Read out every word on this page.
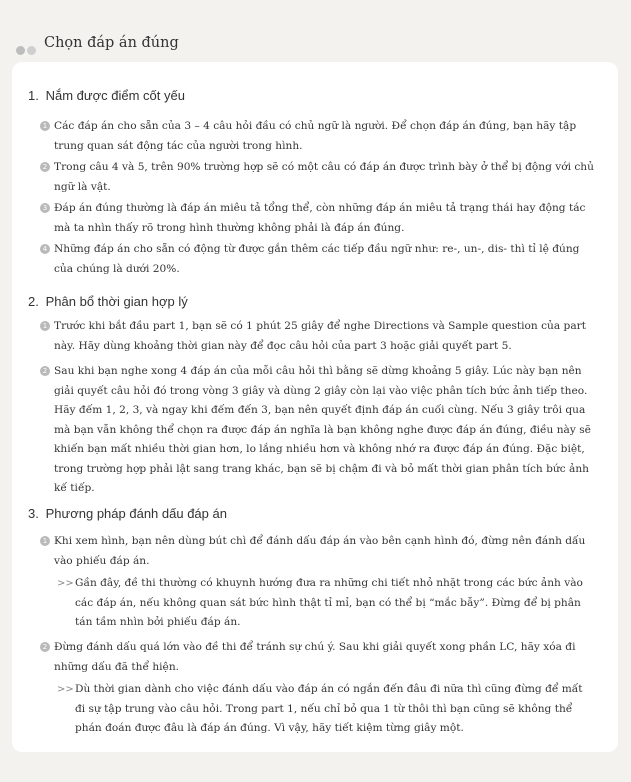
Chọn đáp án đúng
1. Nắm được điểm cốt yếu
1 Các đáp án cho sẵn của 3 – 4 câu hỏi đầu có chủ ngữ là người. Để chọn đáp án đúng, bạn hãy tập trung quan sát động tác của người trong hình.
2 Trong câu 4 và 5, trên 90% trường hợp sẽ có một câu có đáp án được trình bày ở thể bị động với chủ ngữ là vật.
3 Đáp án đúng thường là đáp án miêu tả tổng thể, còn những đáp án miêu tả trạng thái hay động tác mà ta nhìn thấy rõ trong hình thường không phải là đáp án đúng.
4 Những đáp án cho sẵn có động từ được gắn thêm các tiếp đầu ngữ như: re-, un-, dis- thì tỉ lệ đúng của chúng là dưới 20%.
2. Phân bổ thời gian hợp lý
1 Trước khi bắt đầu part 1, bạn sẽ có 1 phút 25 giây để nghe Directions và Sample question của part này. Hãy dùng khoảng thời gian này để đọc câu hỏi của part 3 hoặc giải quyết part 5.
2 Sau khi bạn nghe xong 4 đáp án của mỗi câu hỏi thì bằng sẽ dừng khoảng 5 giây. Lúc này bạn nên giải quyết câu hỏi đó trong vòng 3 giây và dùng 2 giây còn lại vào việc phân tích bức ảnh tiếp theo. Hãy đếm 1, 2, 3, và ngay khi đếm đến 3, bạn nên quyết định đáp án cuối cùng. Nếu 3 giây trôi qua mà bạn vẫn không thể chọn ra được đáp án nghĩa là bạn không nghe được đáp án đúng, điều này sẽ khiến bạn mất nhiều thời gian hơn, lo lắng nhiều hơn và không nhớ ra được đáp án đúng. Đặc biệt, trong trường hợp phải lật sang trang khác, bạn sẽ bị chậm đi và bỏ mất thời gian phân tích bức ảnh kế tiếp.
3. Phương pháp đánh dấu đáp án
1 Khi xem hình, bạn nên dùng bút chì để đánh dấu đáp án vào bên cạnh hình đó, đừng nên đánh dấu vào phiếu đáp án.
>> Gần đây, đề thi thường có khuynh hướng đưa ra những chi tiết nhỏ nhặt trong các bức ảnh vào các đáp án, nếu không quan sát bức hình thật tỉ mỉ, bạn có thể bị “mắc bẫy”. Đừng để bị phân tán tầm nhìn bởi phiếu đáp án.
2 Đừng đánh dấu quá lớn vào đề thi để tránh sự chú ý. Sau khi giải quyết xong phần LC, hãy xóa đi những dấu đã thể hiện.
>> Dù thời gian dành cho việc đánh dấu vào đáp án có ngắn đến đâu đi nữa thì cũng đừng để mất đi sự tập trung vào câu hỏi. Trong part 1, nếu chỉ bỏ qua 1 từ thôi thì bạn cũng sẽ không thể phán đoán được đâu là đáp án đúng. Vì vậy, hãy tiết kiệm từng giây một.
